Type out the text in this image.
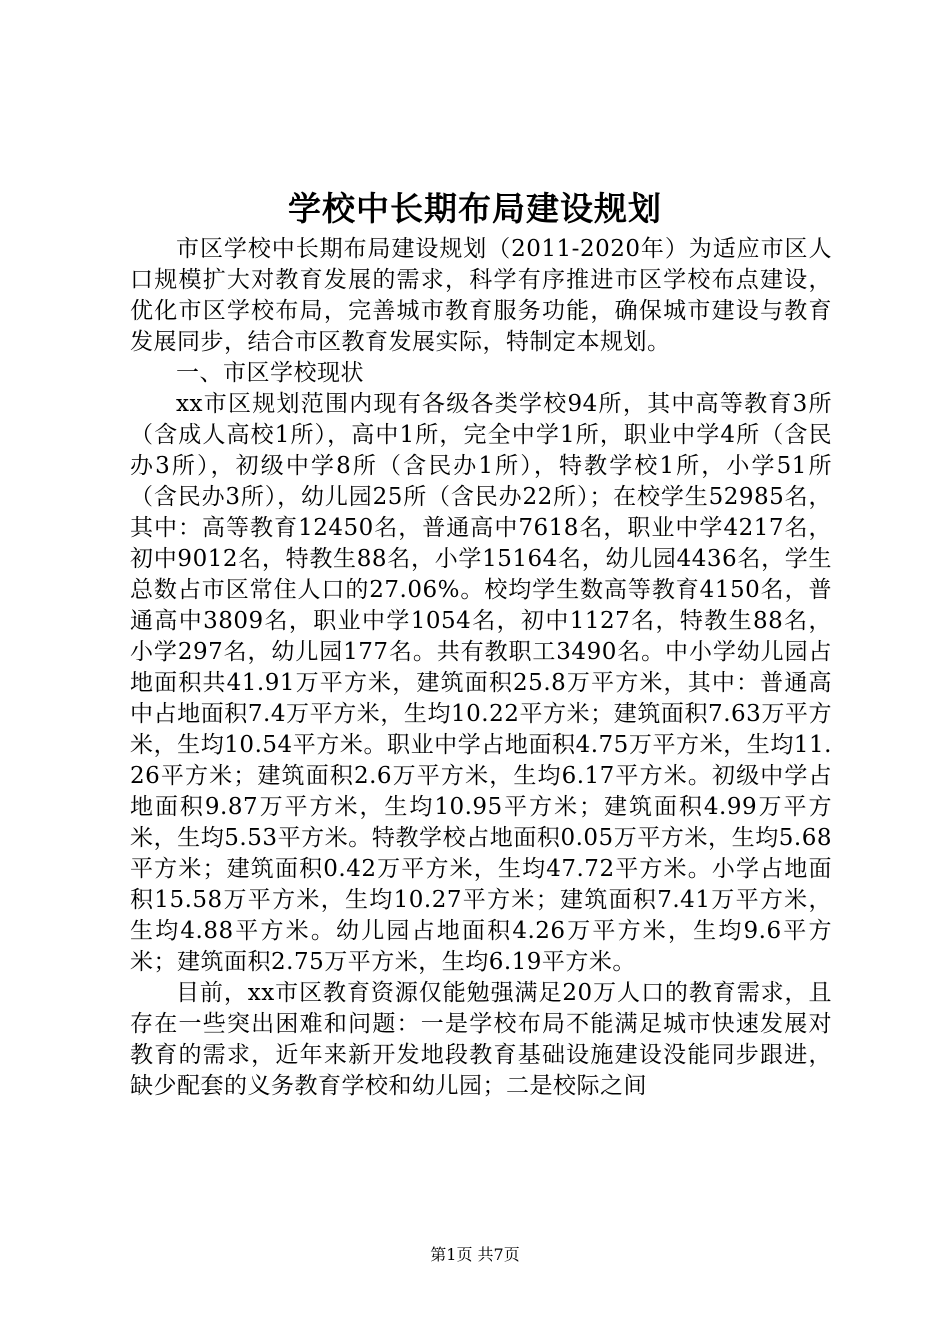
学校中长期布局建设规划

市区学校中长期布局建设规划（2011-2020年）为适应市区人口规模扩大对教育发展的需求，科学有序推进市区学校布点建设，优化市区学校布局，完善城市教育服务功能，确保城市建设与教育发展同步，结合市区教育发展实际，特制定本规划。

一、市区学校现状

xx市区规划范围内现有各级各类学校94所，其中高等教育3所（含成人高校1所），高中1所，完全中学1所，职业中学4所（含民办3所），初级中学8所（含民办1所），特教学校1所，小学51所（含民办3所），幼儿园25所（含民办22所）；在校学生52985名，其中：高等教育12450名，普通高中7618名，职业中学4217名，初中9012名，特教生88名，小学15164名，幼儿园4436名，学生总数占市区常住人口的27.06%。校均学生数高等教育4150名，普通高中3809名，职业中学1054名，初中1127名，特教生88名，小学297名，幼儿园177名。共有教职工3490名。中小学幼儿园占地面积共41.91万平方米，建筑面积25.8万平方米，其中：普通高中占地面积7.4万平方米，生均10.22平方米；建筑面积7.63万平方米，生均10.54平方米。职业中学占地面积4.75万平方米，生均11.26平方米；建筑面积2.6万平方米，生均6.17平方米。初级中学占地面积9.87万平方米，生均10.95平方米；建筑面积4.99万平方米，生均5.53平方米。特教学校占地面积0.05万平方米，生均5.68平方米；建筑面积0.42万平方米，生均47.72平方米。小学占地面积15.58万平方米，生均10.27平方米；建筑面积7.41万平方米，生均4.88平方米。幼儿园占地面积4.26万平方米，生均9.6平方米；建筑面积2.75万平方米，生均6.19平方米。

目前，xx市区教育资源仅能勉强满足20万人口的教育需求，且存在一些突出困难和问题：一是学校布局不能满足城市快速发展对教育的需求，近年来新开发地段教育基础设施建设没能同步跟进，缺少配套的义务教育学校和幼儿园；二是校际之间

第1页 共7页
